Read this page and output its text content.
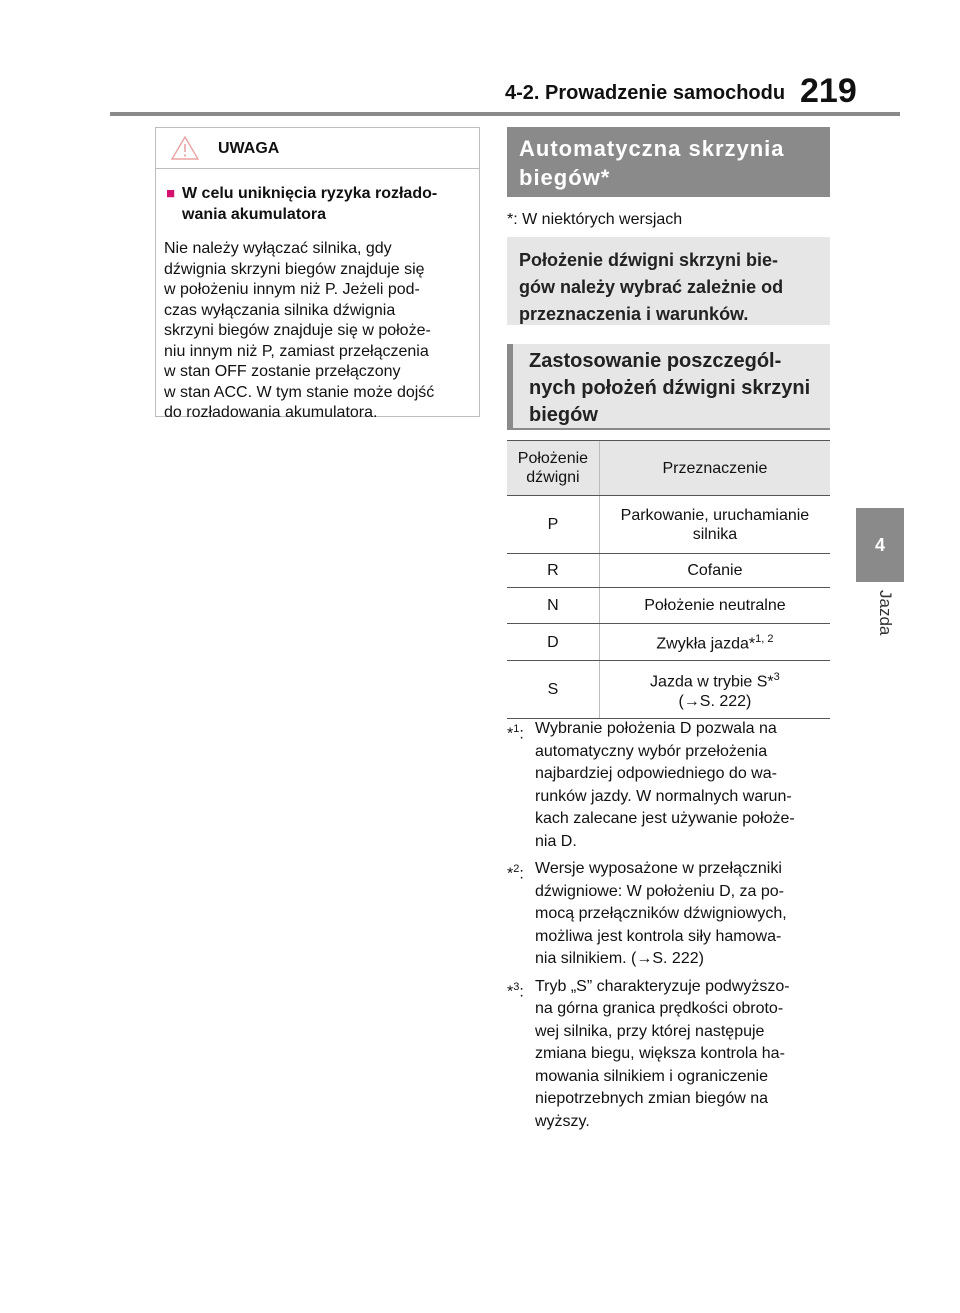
4-2. Prowadzenie samochodu 219
4
Jazda
UWAGA
■ W celu uniknięcia ryzyka rozłado-
wania akumulatora
Nie należy wyłączać silnika, gdy
dźwignia skrzyni biegów znajduje się
w położeniu innym niż P. Jeżeli pod-
czas wyłączania silnika dźwignia
skrzyni biegów znajduje się w położe-
niu innym niż P, zamiast przełączenia
w stan OFF zostanie przełączony
w stan ACC. W tym stanie może dojść
do rozładowania akumulatora.
Automatyczna skrzynia
biegów*
*: W niektórych wersjach
Położenie dźwigni skrzyni bie-
gów należy wybrać zależnie od
przeznaczenia i warunków.
Zastosowanie poszczegól-
nych położeń dźwigni skrzyni
biegów
Położenie
dźwigni	Przeznaczenie
P	Parkowanie, uruchamianie
silnika

R	Cofanie
N	Położenie neutralne
D	Zwykła jazda*$^{1, 2}$
S	Jazda w trybie S*$^3$
(→S. 222)
*$^1$: Wybranie położenia D pozwala na
automatyczny wybór przełożenia
najbardziej odpowiedniego do wa-
runków jazdy. W normalnych warun-
kach zalecane jest używanie położe-
nia D.
*$^2$: Wersje wyposażone w przełączniki
dźwigniowe: W położeniu D, za po-
mocą przełączników dźwigniowych,
możliwa jest kontrola siły hamowa-
nia silnikiem. (→S. 222)
*$^3$: Tryb „S” charakteryzuje podwyższo-
na górna granica prędkości obroto-
wej silnika, przy której następuje
zmiana biegu, większa kontrola ha-
mowania silnikiem i ograniczenie
niepotrzebnych zmian biegów na
wyższy.
